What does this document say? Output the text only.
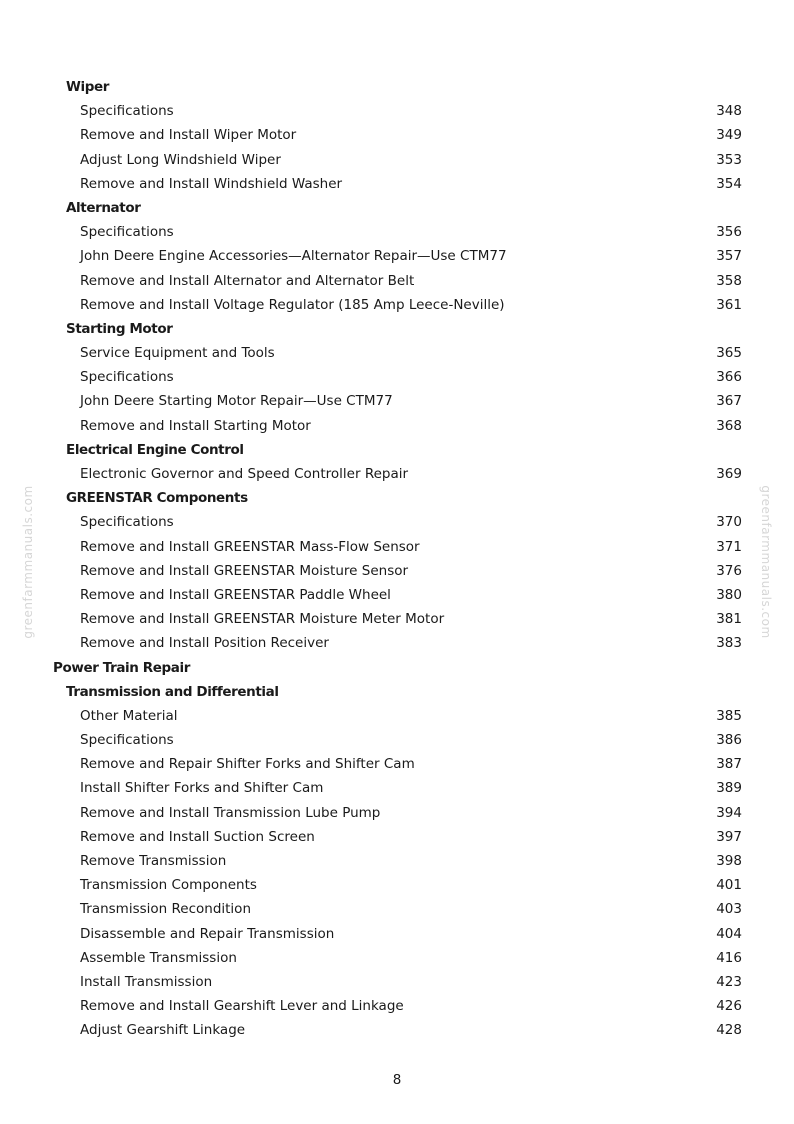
Wiper
Specifications	348
Remove and Install Wiper Motor	349
Adjust Long Windshield Wiper	353
Remove and Install Windshield Washer	354
Alternator
Specifications	356
John Deere Engine Accessories—Alternator Repair—Use CTM77	357
Remove and Install Alternator and Alternator Belt	358
Remove and Install Voltage Regulator (185 Amp Leece-Neville)	361
Starting Motor
Service Equipment and Tools	365
Specifications	366
John Deere Starting Motor Repair—Use CTM77	367
Remove and Install Starting Motor	368
Electrical Engine Control
Electronic Governor and Speed Controller Repair	369
GREENSTAR Components
Specifications	370
Remove and Install GREENSTAR Mass-Flow Sensor	371
Remove and Install GREENSTAR Moisture Sensor	376
Remove and Install GREENSTAR Paddle Wheel	380
Remove and Install GREENSTAR Moisture Meter Motor	381
Remove and Install Position Receiver	383
Power Train Repair
Transmission and Differential
Other Material	385
Specifications	386
Remove and Repair Shifter Forks and Shifter Cam	387
Install Shifter Forks and Shifter Cam	389
Remove and Install Transmission Lube Pump	394
Remove and Install Suction Screen	397
Remove Transmission	398
Transmission Components	401
Transmission Recondition	403
Disassemble and Repair Transmission	404
Assemble Transmission	416
Install Transmission	423
Remove and Install Gearshift Lever and Linkage	426
Adjust Gearshift Linkage	428
8
greenfarmmanuals.com	greenfarmmanuals.com
